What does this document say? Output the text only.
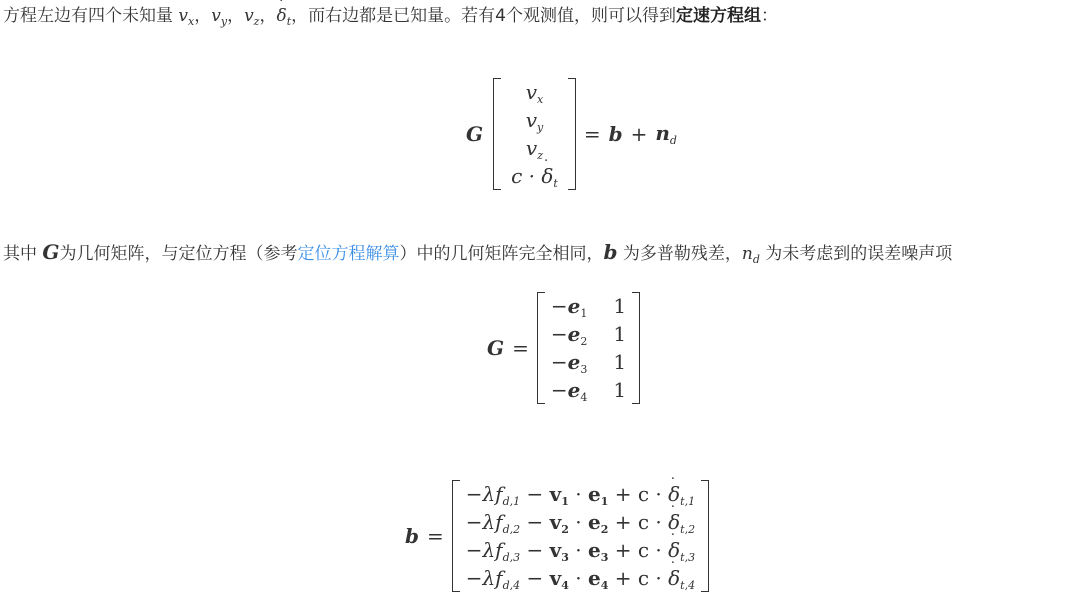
方程左边有四个未知量 $v_x$，$v_y$，$v_z$，˙ $\delta_t$，而右边都是已知量。若有4个观测值，则可以得到定速方程组：
G
$v_x$
$v_y$
$v_z$
c · ˙ $\delta_t$
= $b + n_d$
其中 G为几何矩阵，与定位方程（参考定位方程解算）中的几何矩阵完全相同，b 为多普勒残差，$n_d$ 为未考虑到的误差噪声项
G =
$-e_1$ 1
$-e_2$ 1
$-e_3$ 1
$-e_4$ 1
b =
$-\lambda f_{d,1} - v_1 \cdot e_1 + c$ · ˙ $\delta_{t,1}$
$-\lambda f_{d,2} - v_2 \cdot e_2 + c$ · ˙ $\delta_{t,2}$
$-\lambda f_{d,3} - v_3 \cdot e_3 + c$ · ˙ $\delta_{t,3}$
$-\lambda f_{d,4} - v_4 \cdot e_4 + c$ · ˙ $\delta_{t,4}$
